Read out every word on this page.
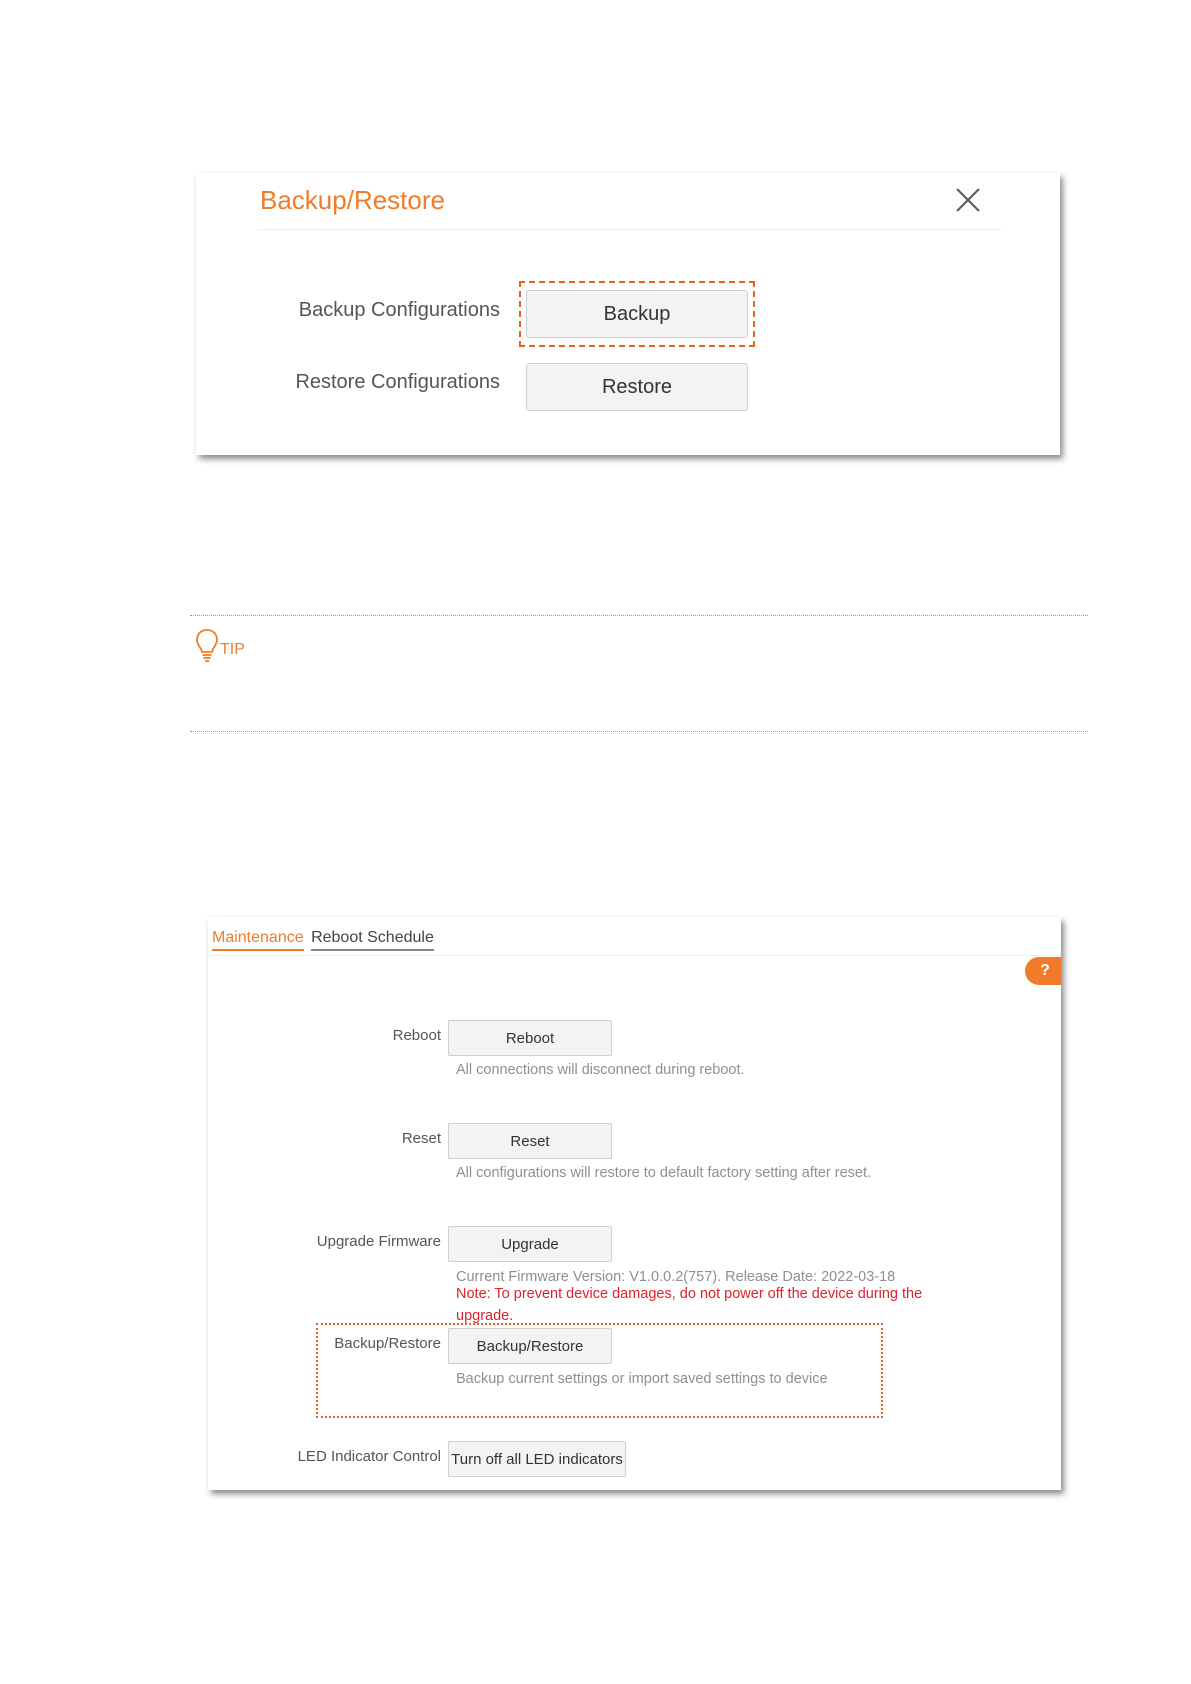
Backup/Restore
Backup Configurations	Backup
Restore Configurations	Restore
TIP
Maintenance Reboot Schedule
?
Reboot	Reboot
All connections will disconnect during reboot.
Reset	Reset
All configurations will restore to default factory setting after reset.
Upgrade Firmware	Upgrade
Current Firmware Version: V1.0.0.2(757). Release Date: 2022-03-18
Note: To prevent device damages, do not power off the device during the upgrade.
Backup/Restore	Backup/Restore
Backup current settings or import saved settings to device
LED Indicator Control Turn off all LED indicators
